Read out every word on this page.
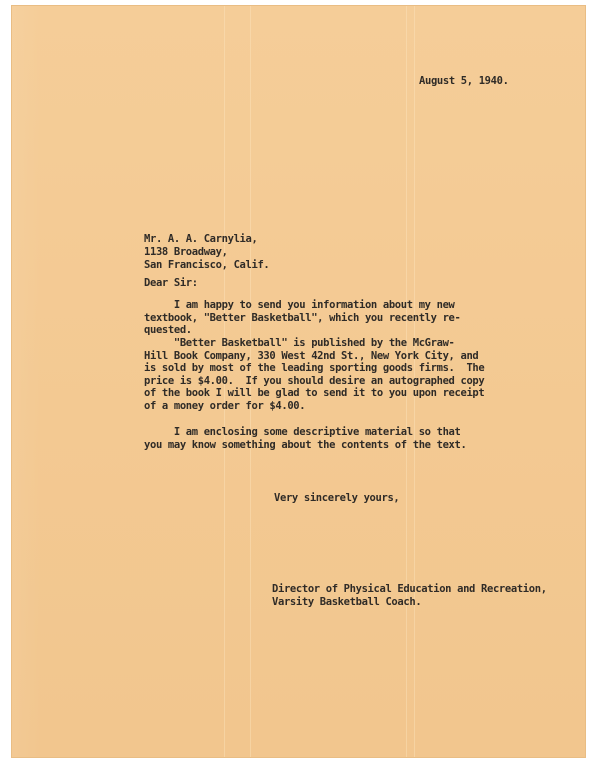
August 5, 1940.
Mr. A. A. Carnylia,
1138 Broadway,
San Francisco, Calif.
Dear Sir:
I am happy to send you information about my new
textbook, "Better Basketball", which you recently re-
quested.
"Better Basketball" is published by the McGraw-
Hill Book Company, 330 West 42nd St., New York City, and
is sold by most of the leading sporting goods firms.  The
price is $4.00.  If you should desire an autographed copy
of the book I will be glad to send it to you upon receipt
of a money order for $4.00.
I am enclosing some descriptive material so that
you may know something about the contents of the text.
Very sincerely yours,
Director of Physical Education and Recreation,
Varsity Basketball Coach.
